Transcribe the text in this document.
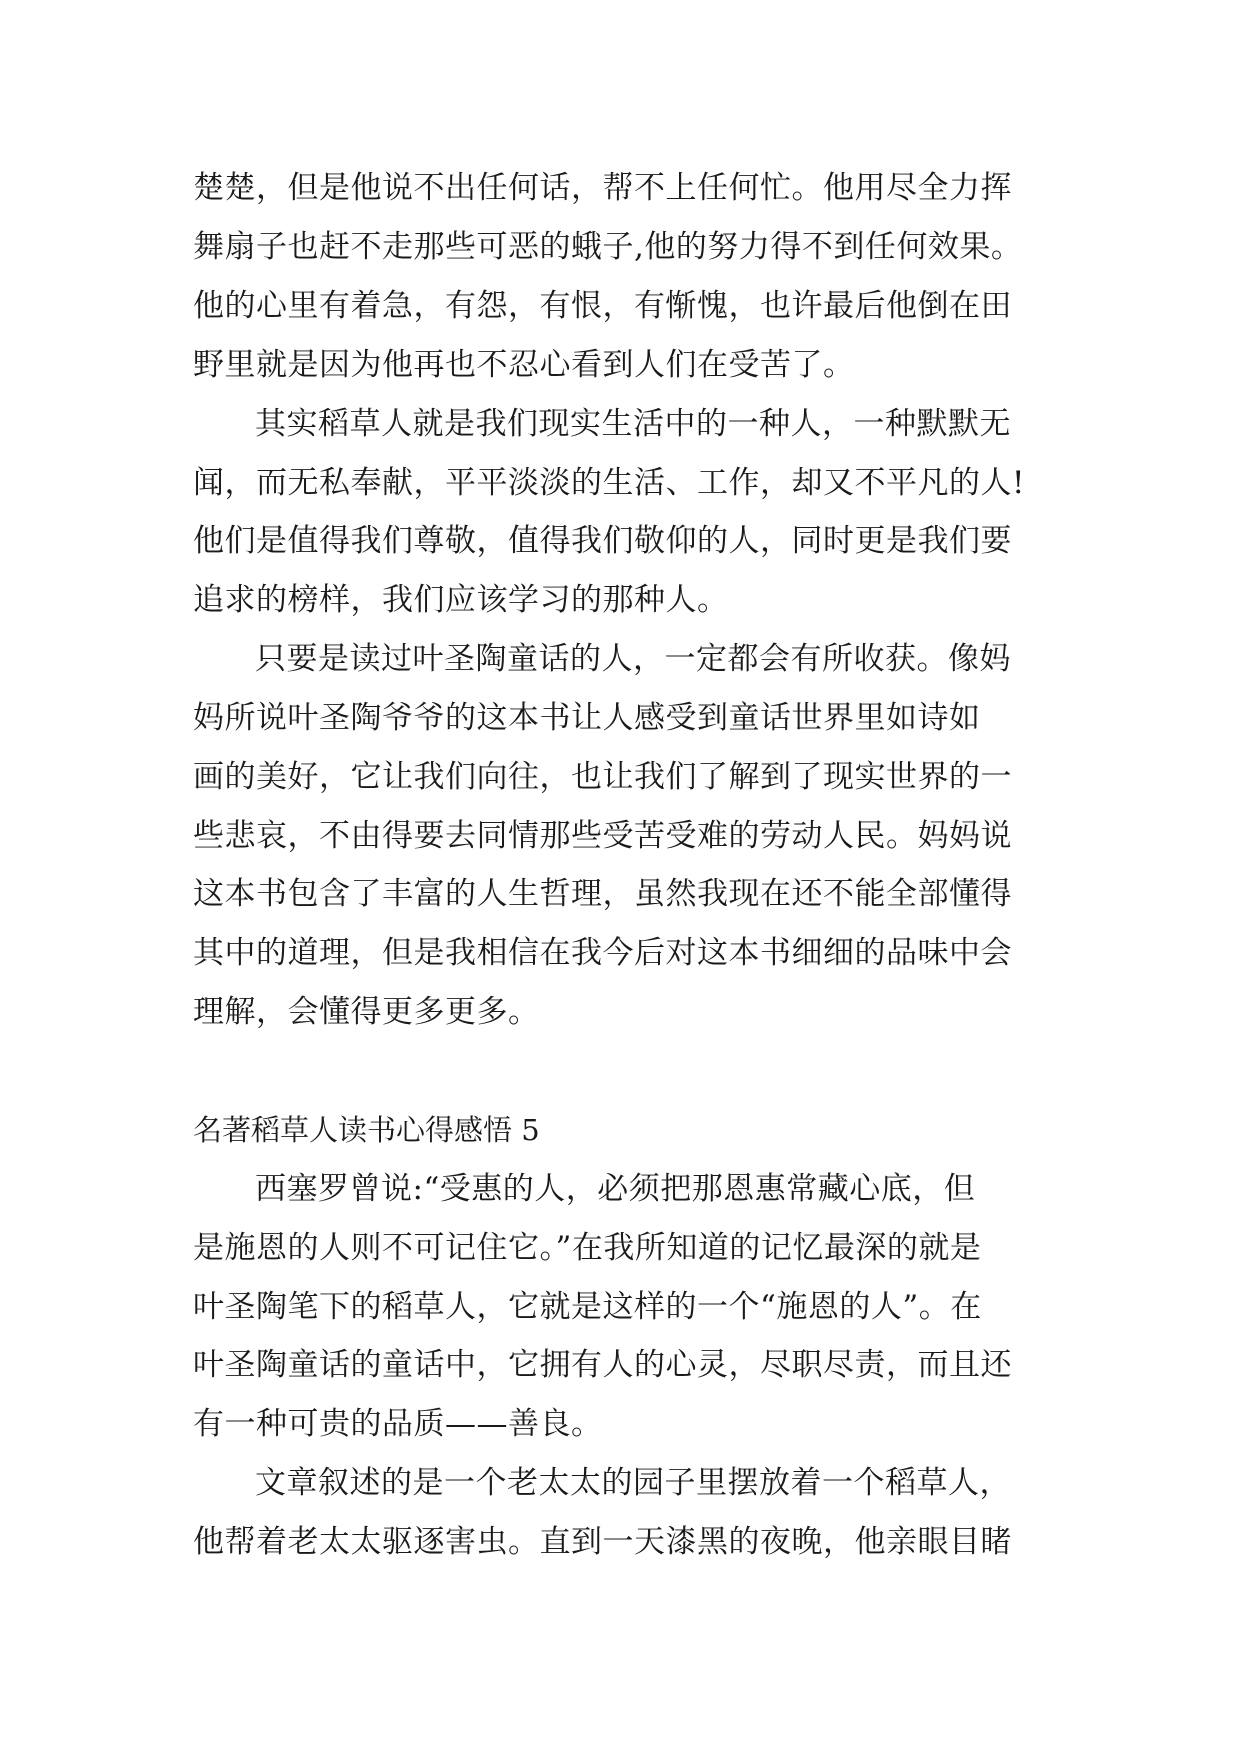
楚楚，但是他说不出任何话，帮不上任何忙。他用尽全力挥
舞扇子也赶不走那些可恶的蛾子,他的努力得不到任何效果。
他的心里有着急，有怨，有恨，有惭愧，也许最后他倒在田
野里就是因为他再也不忍心看到人们在受苦了。
其实稻草人就是我们现实生活中的一种人，一种默默无
闻，而无私奉献，平平淡淡的生活、工作，却又不平凡的人!
他们是值得我们尊敬，值得我们敬仰的人，同时更是我们要
追求的榜样，我们应该学习的那种人。
只要是读过叶圣陶童话的人，一定都会有所收获。像妈
妈所说叶圣陶爷爷的这本书让人感受到童话世界里如诗如
画的美好，它让我们向往，也让我们了解到了现实世界的一
些悲哀，不由得要去同情那些受苦受难的劳动人民。妈妈说
这本书包含了丰富的人生哲理，虽然我现在还不能全部懂得
其中的道理，但是我相信在我今后对这本书细细的品味中会
理解，会懂得更多更多。
名著稻草人读书心得感悟 5
西塞罗曾说:“受惠的人，必须把那恩惠常藏心底，但
是施恩的人则不可记住它。”在我所知道的记忆最深的就是
叶圣陶笔下的稻草人，它就是这样的一个“施恩的人”。在
叶圣陶童话的童话中，它拥有人的心灵，尽职尽责，而且还
有一种可贵的品质——善良。
文章叙述的是一个老太太的园子里摆放着一个稻草人，
他帮着老太太驱逐害虫。直到一天漆黑的夜晚，他亲眼目睹
